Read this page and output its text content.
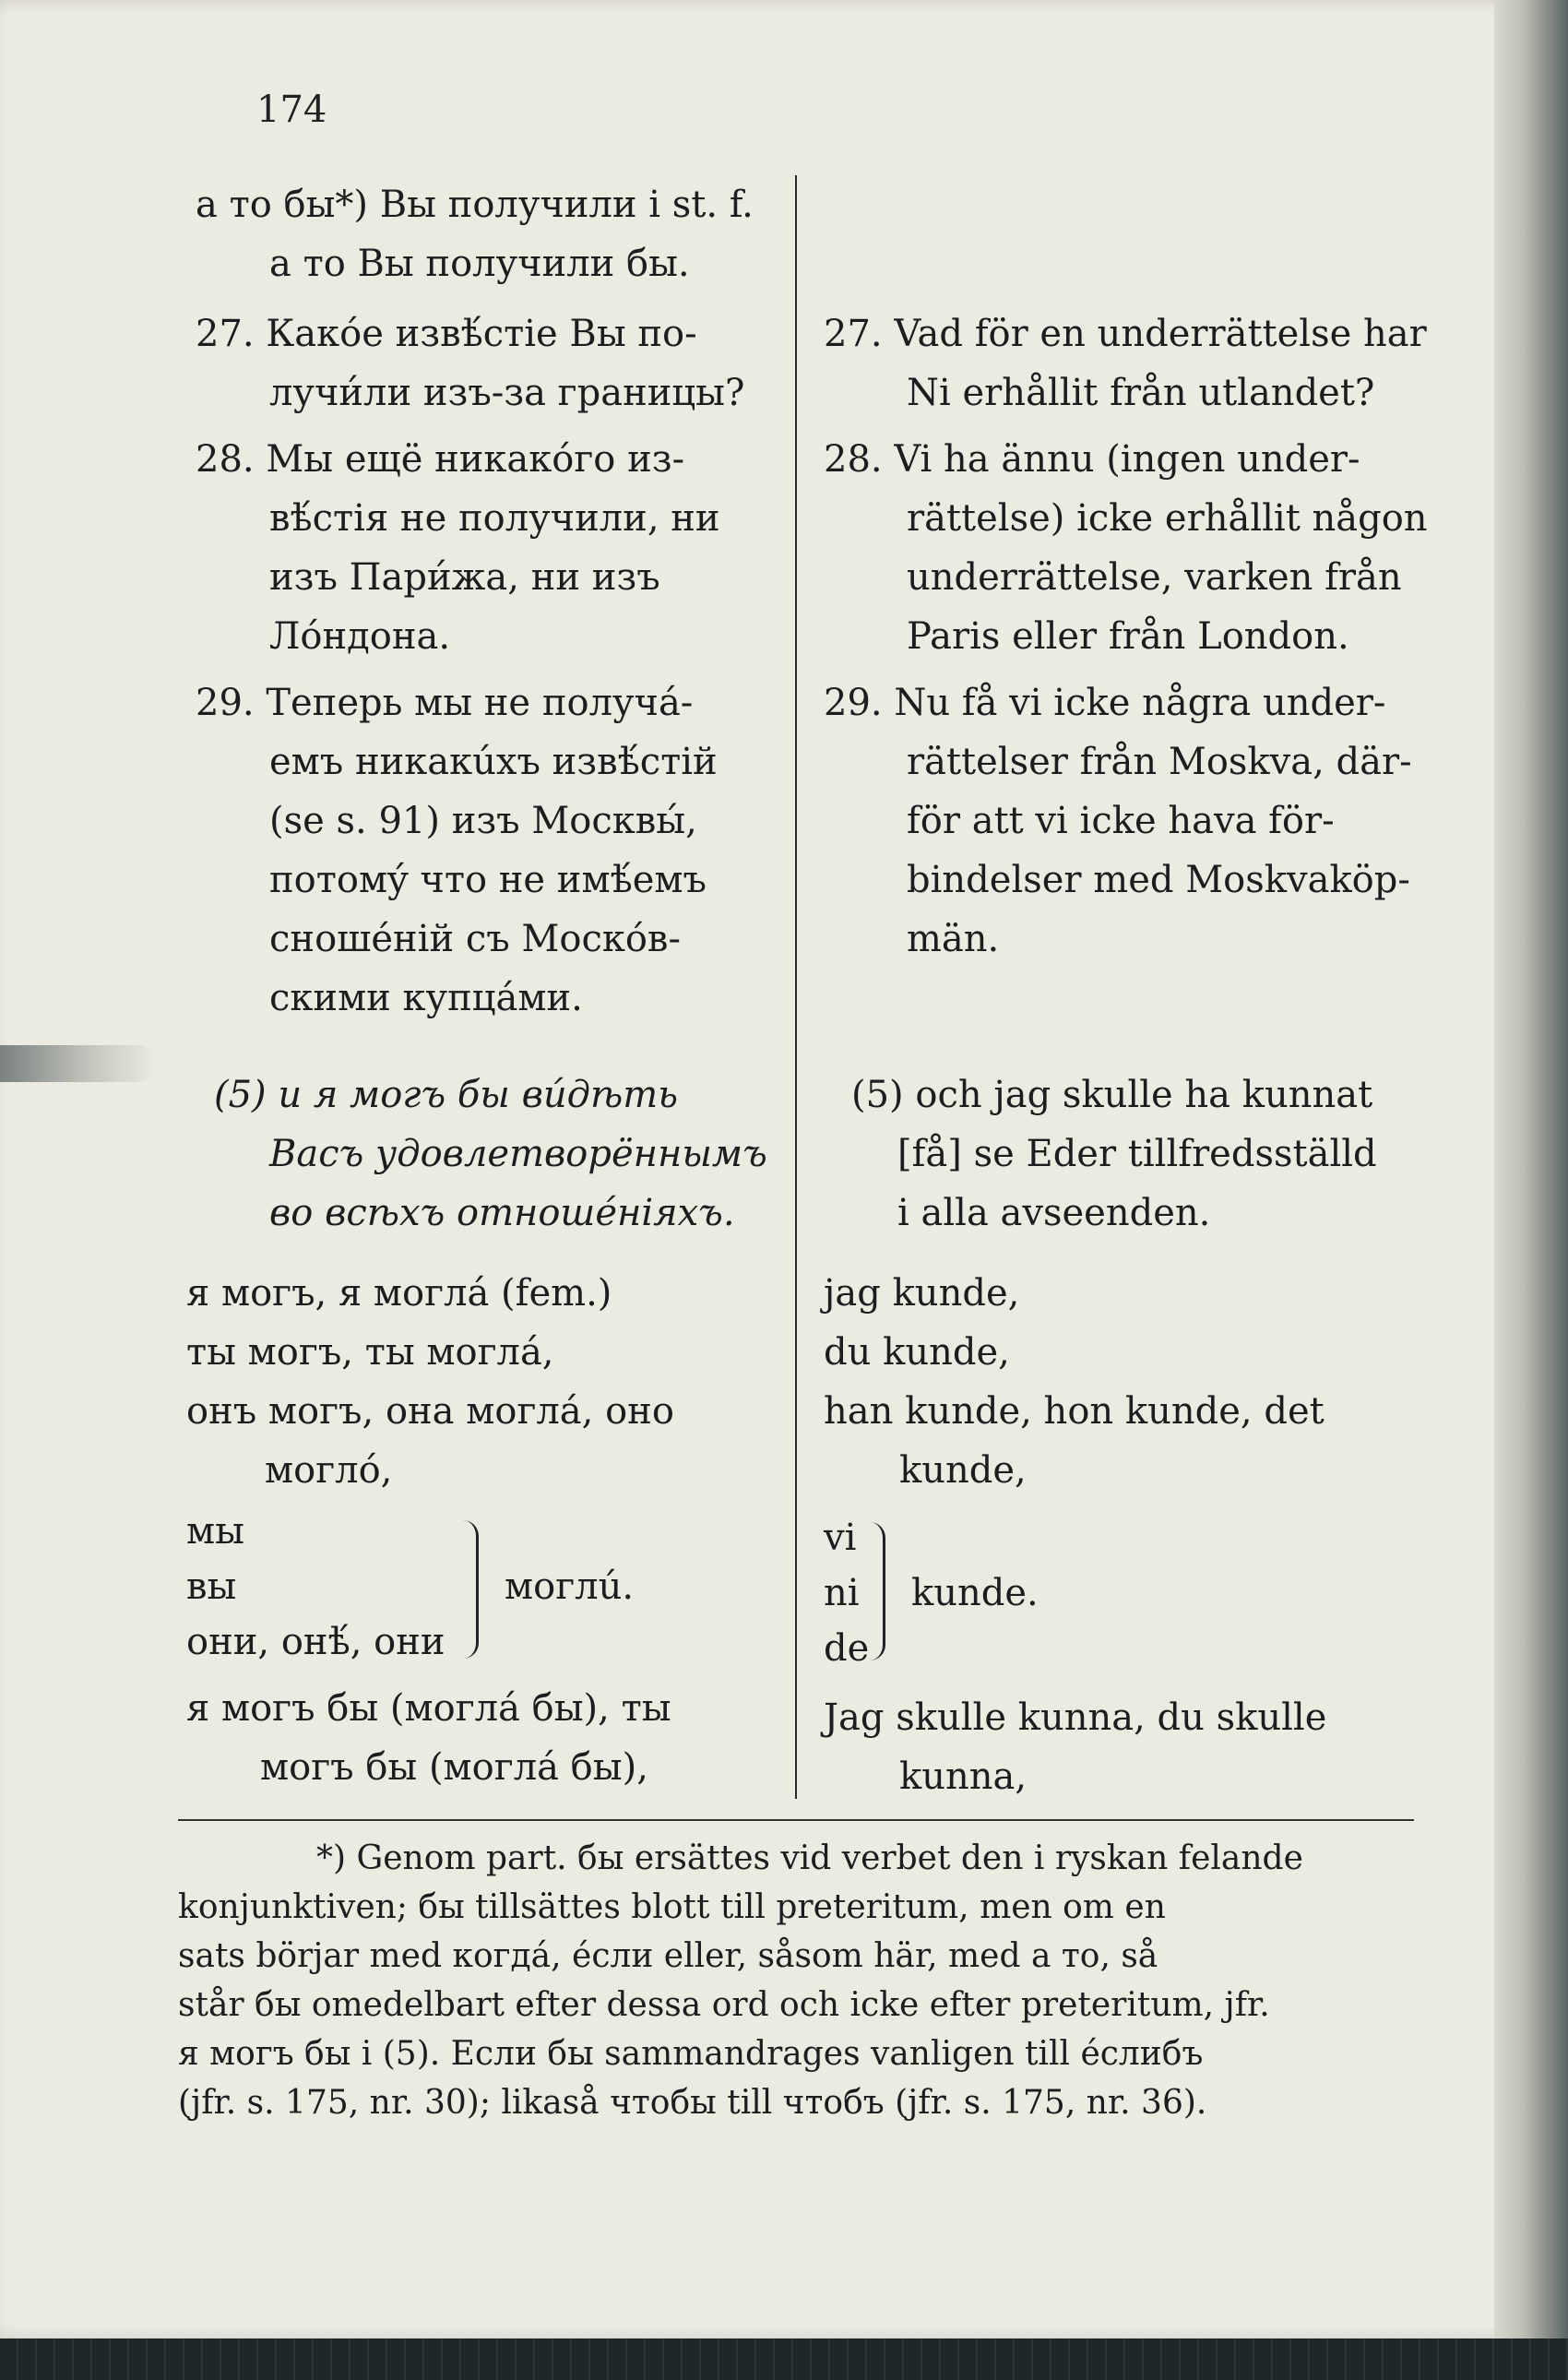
174

а то бы*) Вы получили i st. f.

а то Вы получили бы.

27. Какóе извѣ́стiе Вы по-

лучи́ли изъ-за границы?

28. Мы ещё никакóго из-

вѣ́стiя не получили, ни

изъ Пари́жа, ни изъ

Лóндона.

29. Теперь мы не получá-

емъ никакúхъ извѣ́стiй

(se s. 91) изъ Москвы́,

потомý что не имѣ́емъ

сношéнiй съ Москóв-

скими купцáми.

(5) и я могъ бы вúдѣть

Васъ удовлетворённымъ

во всѣхъ отношéнiяхъ.

я могъ, я моглá (fem.)

ты могъ, ты моглá,

онъ могъ, она моглá, оно

моглó,

мы

вы

они, онѣ́, они

моглú.

я могъ бы (моглá бы), ты

могъ бы (моглá бы),

27. Vad för en underrättelse har

Ni erhållit från utlandet?

28. Vi ha ännu (ingen under-

rättelse) icke erhållit någon

underrättelse, varken från

Paris eller från London.

29. Nu få vi icke några under-

rättelser från Moskva, där-

för att vi icke hava för-

bindelser med Moskvaköp-

män.

(5) och jag skulle ha kunnat

[få] se Eder tillfredsställd

i alla avseenden.

jag kunde,

du kunde,

han kunde, hon kunde, det

kunde,

vi

ni

de

kunde.

Jag skulle kunna, du skulle

kunna,

*) Genom part. бы ersättes vid verbet den i ryskan felande

konjunktiven; бы tillsättes blott till preteritum, men om en

sats börjar med когдá, éсли eller, såsom här, med а то, så

står бы omedelbart efter dessa ord och icke efter preteritum, jfr.

я могъ бы i (5). Если бы sammandrages vanligen till éслибъ

(jfr. s. 175, nr. 30); likaså чтобы till чтобъ (jfr. s. 175, nr. 36).
